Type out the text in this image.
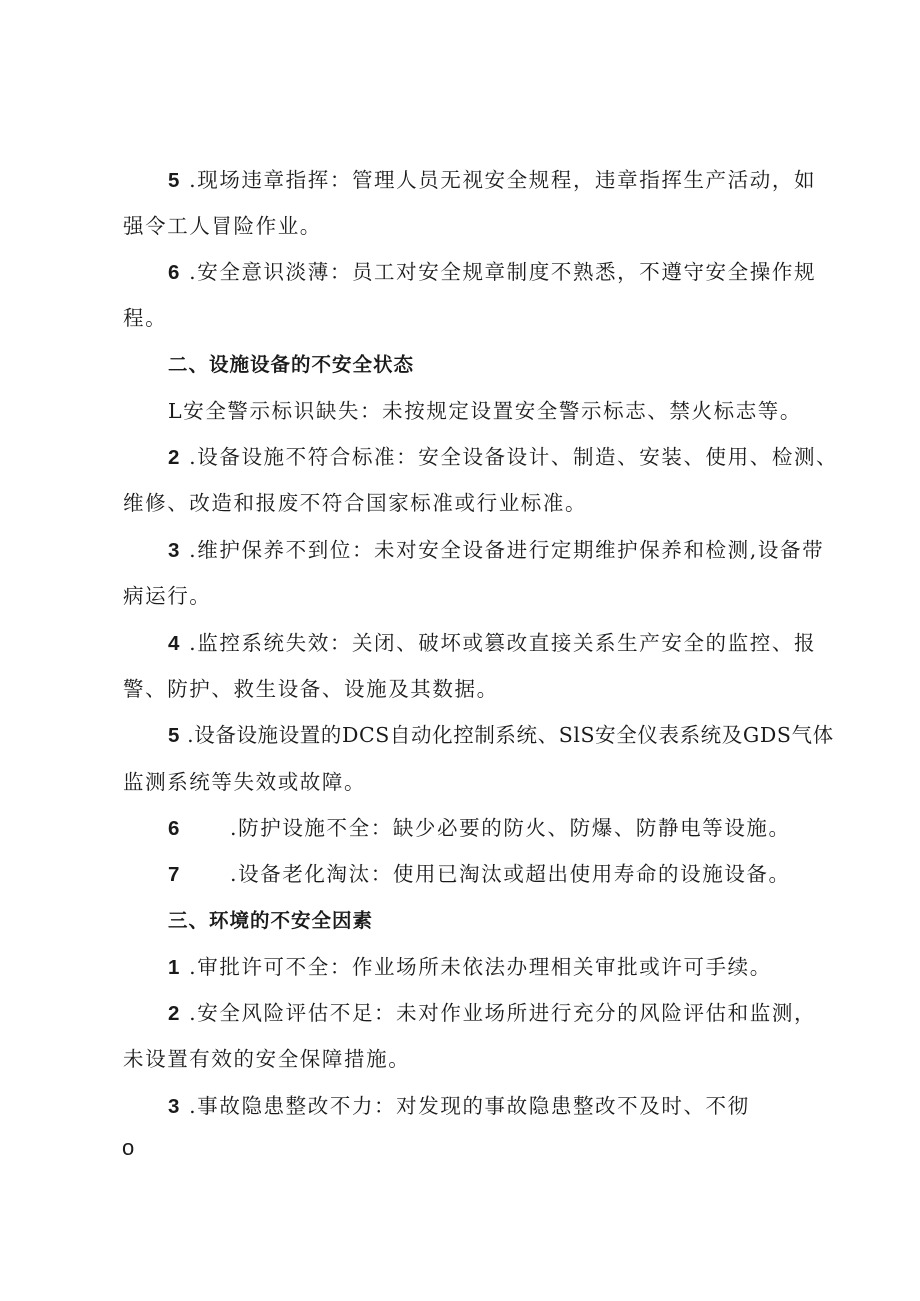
5 .现场违章指挥：管理人员无视安全规程，违章指挥生产活动，如
强令工人冒险作业。
6 .安全意识淡薄：员工对安全规章制度不熟悉，不遵守安全操作规
程。
二、设施设备的不安全状态
L安全警示标识缺失：未按规定设置安全警示标志、禁火标志等。
2 .设备设施不符合标准：安全设备设计、制造、安装、使用、检测、
维修、改造和报废不符合国家标准或行业标准。
3 .维护保养不到位：未对安全设备进行定期维护保养和检测,设备带
病运行。
4 .监控系统失效：关闭、破坏或篡改直接关系生产安全的监控、报
警、防护、救生设备、设施及其数据。
5 .设备设施设置的DCS自动化控制系统、SlS安全仪表系统及GDS气体
监测系统等失效或故障。
6 .防护设施不全：缺少必要的防火、防爆、防静电等设施。
7 .设备老化淘汰：使用已淘汰或超出使用寿命的设施设备。
三、环境的不安全因素
1 .审批许可不全：作业场所未依法办理相关审批或许可手续。
2 .安全风险评估不足：未对作业场所进行充分的风险评估和监测，
未设置有效的安全保障措施。
3 .事故隐患整改不力：对发现的事故隐患整改不及时、不彻
o
